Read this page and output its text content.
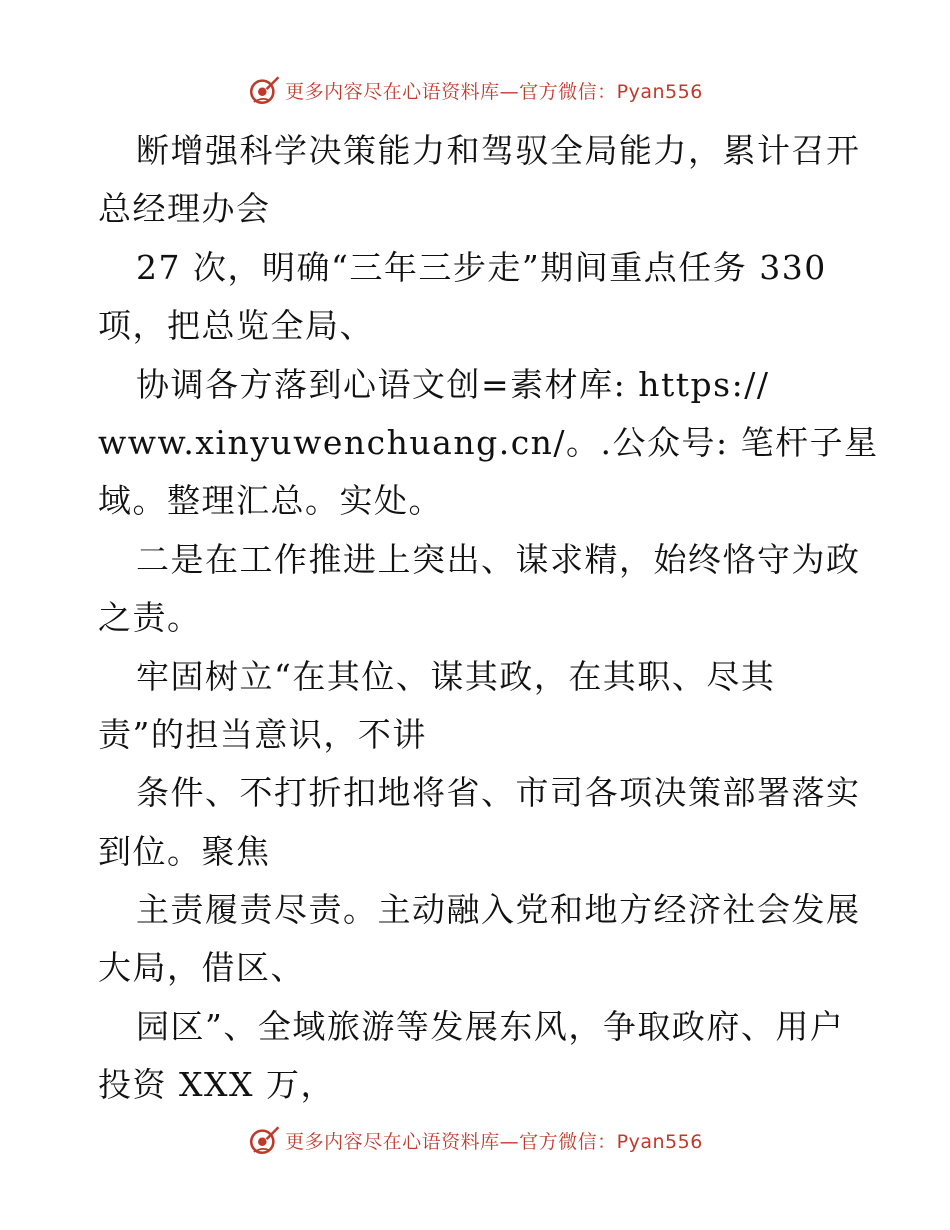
更多内容尽在心语资料库—官方微信：Pyan556
断增强科学决策能力和驾驭全局能力，累计召开
总经理办会
27 次，明确“三年三步走”期间重点任务 330
项，把总览全局、
协调各方落到心语文创=素材库: https://
www.xinyuwenchuang.cn/。.公众号: 笔杆子星
域。整理汇总。实处。
二是在工作推进上突出、谋求精，始终恪守为政
之责。
牢固树立“在其位、谋其政，在其职、尽其
责”的担当意识，不讲
条件、不打折扣地将省、市司各项决策部署落实
到位。聚焦
主责履责尽责。主动融入党和地方经济社会发展
大局，借区、
园区”、全域旅游等发展东风，争取政府、用户
投资 XXX 万，
更多内容尽在心语资料库—官方微信：Pyan556
